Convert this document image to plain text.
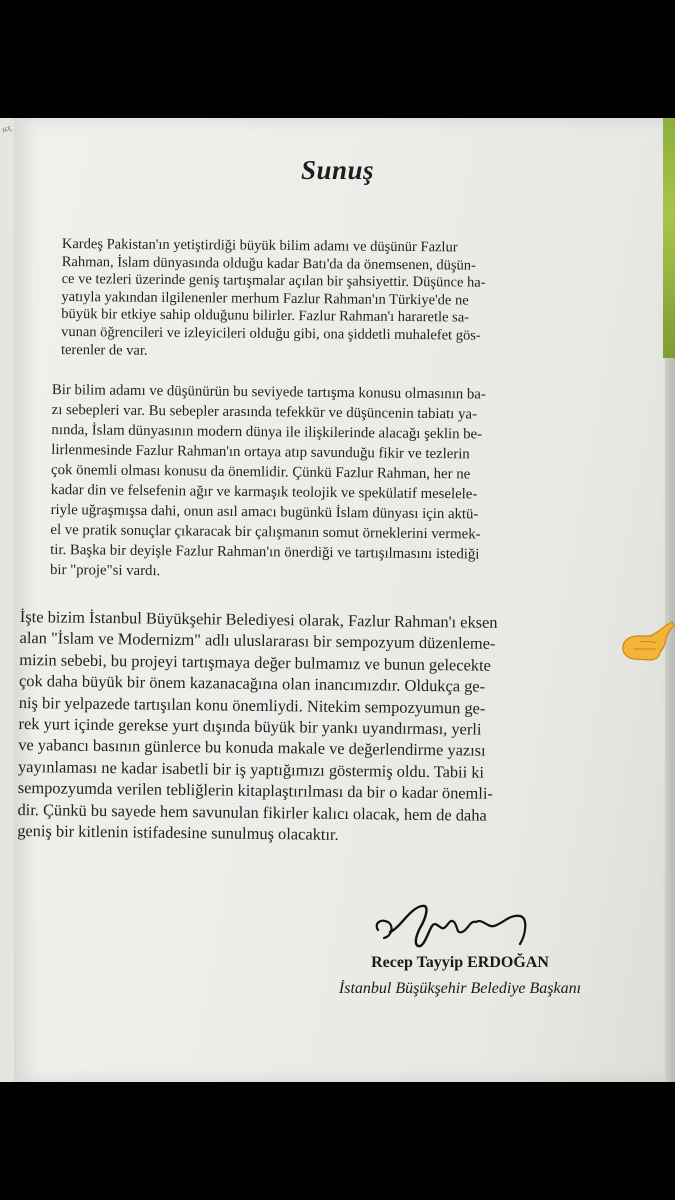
ıcç
Sunuş

Kardeş Pakistan'ın yetiştirdiği büyük bilim adamı ve düşünür Fazlur
Rahman, İslam dünyasında olduğu kadar Batı'da da önemsenen, düşün-
ce ve tezleri üzerinde geniş tartışmalar açılan bir şahsiyettir. Düşünce ha-
yatıyla yakından ilgilenenler merhum Fazlur Rahman'ın Türkiye'de ne
büyük bir etkiye sahip olduğunu bilirler. Fazlur Rahman'ı hararetle sa-
vunan öğrencileri ve izleyicileri olduğu gibi, ona şiddetli muhalefet gös-
terenler de var.

Bir bilim adamı ve düşünürün bu seviyede tartışma konusu olmasının ba-
zı sebepleri var. Bu sebepler arasında tefekkür ve düşüncenin tabiatı ya-
nında, İslam dünyasının modern dünya ile ilişkilerinde alacağı şeklin be-
lirlenmesinde Fazlur Rahman'ın ortaya atıp savunduğu fikir ve tezlerin
çok önemli olması konusu da önemlidir. Çünkü Fazlur Rahman, her ne
kadar din ve felsefenin ağır ve karmaşık teolojik ve spekülatif meselele-
riyle uğraşmışsa dahi, onun asıl amacı bugünkü İslam dünyası için aktü-
el ve pratik sonuçlar çıkaracak bir çalışmanın somut örneklerini vermek-
tir. Başka bir deyişle Fazlur Rahman'ın önerdiği ve tartışılmasını istediği
bir "proje"si vardı.

İşte bizim İstanbul Büyükşehir Belediyesi olarak, Fazlur Rahman'ı eksen
alan "İslam ve Modernizm" adlı uluslararası bir sempozyum düzenleme-
mizin sebebi, bu projeyi tartışmaya değer bulmamız ve bunun gelecekte
çok daha büyük bir önem kazanacağına olan inancımızdır. Oldukça ge-
niş bir yelpazede tartışılan konu önemliydi. Nitekim sempozyumun ge-
rek yurt içinde gerekse yurt dışında büyük bir yankı uyandırması, yerli
ve yabancı basının günlerce bu konuda makale ve değerlendirme yazısı
yayınlaması ne kadar isabetli bir iş yaptığımızı göstermiş oldu. Tabii ki
sempozyumda verilen tebliğlerin kitaplaştırılması da bir o kadar önemli-
dir. Çünkü bu sayede hem savunulan fikirler kalıcı olacak, hem de daha
geniş bir kitlenin istifadesine sunulmuş olacaktır.

Recep Tayyip ERDOĞAN
İstanbul Büşükşehir Belediye Başkanı
